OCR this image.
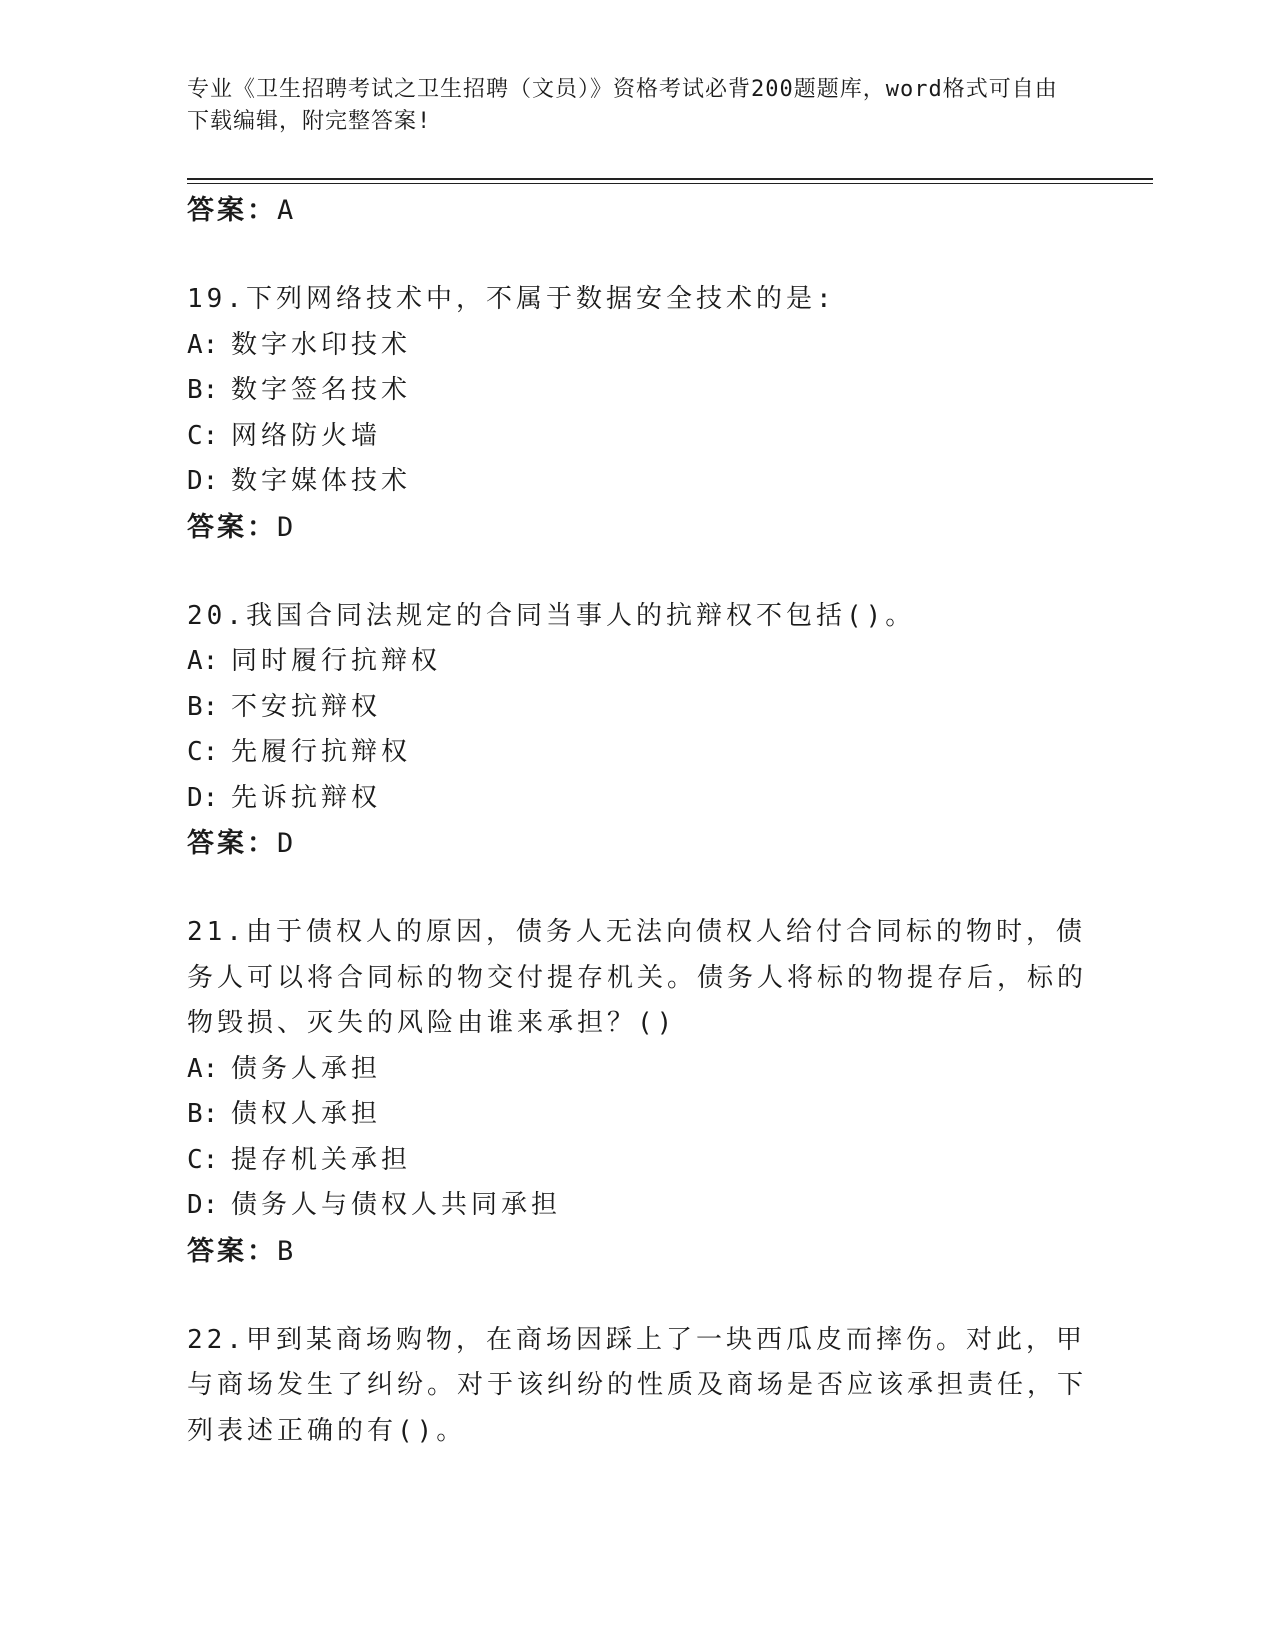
专业《卫生招聘考试之卫生招聘（文员）》资格考试必背200题题库，word格式可自由下载编辑，附完整答案!
答案：A
19.下列网络技术中，不属于数据安全技术的是:
A: 数字水印技术
B: 数字签名技术
C: 网络防火墙
D: 数字媒体技术
答案：D
20.我国合同法规定的合同当事人的抗辩权不包括()。
A: 同时履行抗辩权
B: 不安抗辩权
C: 先履行抗辩权
D: 先诉抗辩权
答案：D
21.由于债权人的原因，债务人无法向债权人给付合同标的物时，债务人可以将合同标的物交付提存机关。债务人将标的物提存后，标的物毁损、灭失的风险由谁来承担？()
A: 债务人承担
B: 债权人承担
C: 提存机关承担
D: 债务人与债权人共同承担
答案：B
22.甲到某商场购物，在商场因踩上了一块西瓜皮而摔伤。对此，甲与商场发生了纠纷。对于该纠纷的性质及商场是否应该承担责任，下列表述正确的有()。
